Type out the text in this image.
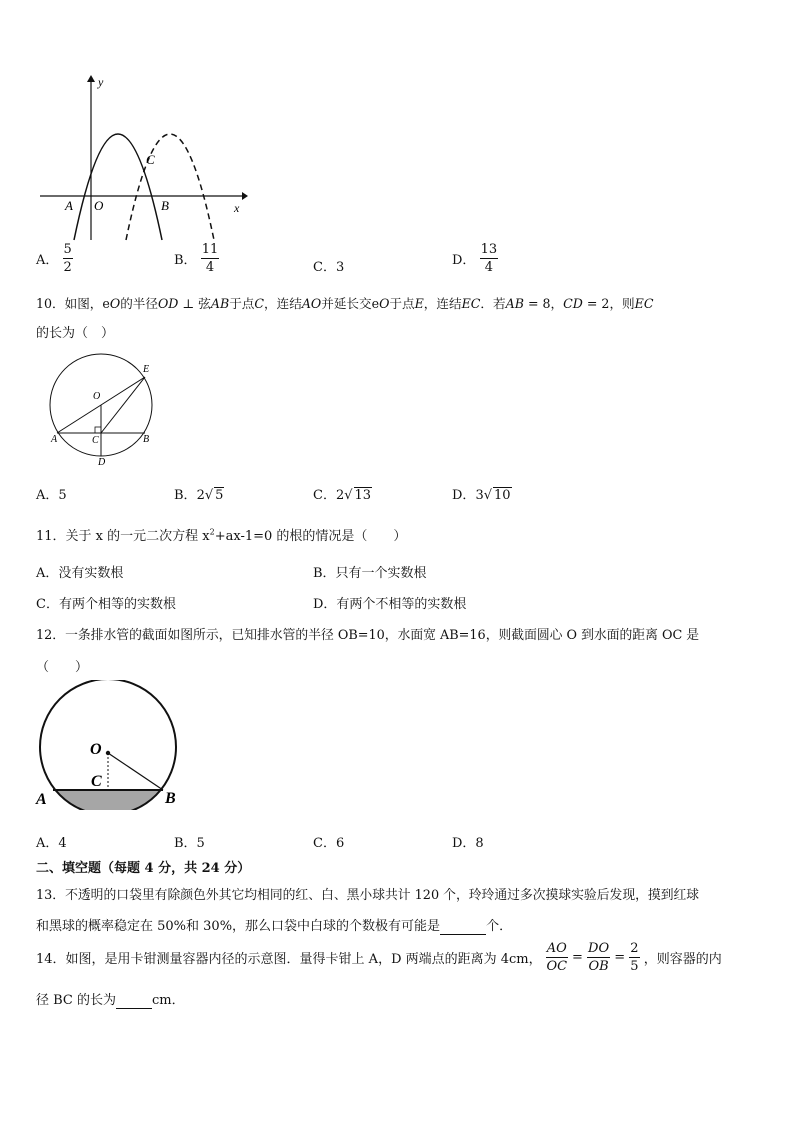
y
x
A O	B
C
A． $\frac{5}{2}$	B． $\frac{11}{4}$	C．3	D． $\frac{13}{4}$
10．如图，eO的半径OD ⊥ 弦AB于点C，连结AO并延长交eO于点E，连结EC．若AB = 8，CD = 2，则EC
的长为（　）
E
O
A	C	B
D
A．5	B．2√ 5	C．2√ 13	D．3√ 10
11．关于 x 的一元二次方程 $x^2+ax-1=0$ 的根的情况是（　　）
A．没有实数根	B．只有一个实数根
C．有两个相等的实数根	D．有两个不相等的实数根
12．一条排水管的截面如图所示，已知排水管的半径 OB=10，水面宽 AB=16，则截面圆心 O 到水面的距离 OC 是
（　　）
O
C
A	B
A．4	B．5	C．6	D．8
二、填空题（每题 4 分，共 24 分）
13．不透明的口袋里有除颜色外其它均相同的红、白、黑小球共计 120 个，玲玲通过多次摸球实验后发现，摸到红球
和黑球的概率稳定在 50%和 30%，那么口袋中白球的个数极有可能是	个．
14．如图，是用卡钳测量容器内径的示意图．量得卡钳上 A，D 两端点的距离为 4cm， $\frac{AO}{OC} = \frac{DO}{OB} = \frac{2}{5}$ ，则容器的内
径 BC 的长为	cm．
